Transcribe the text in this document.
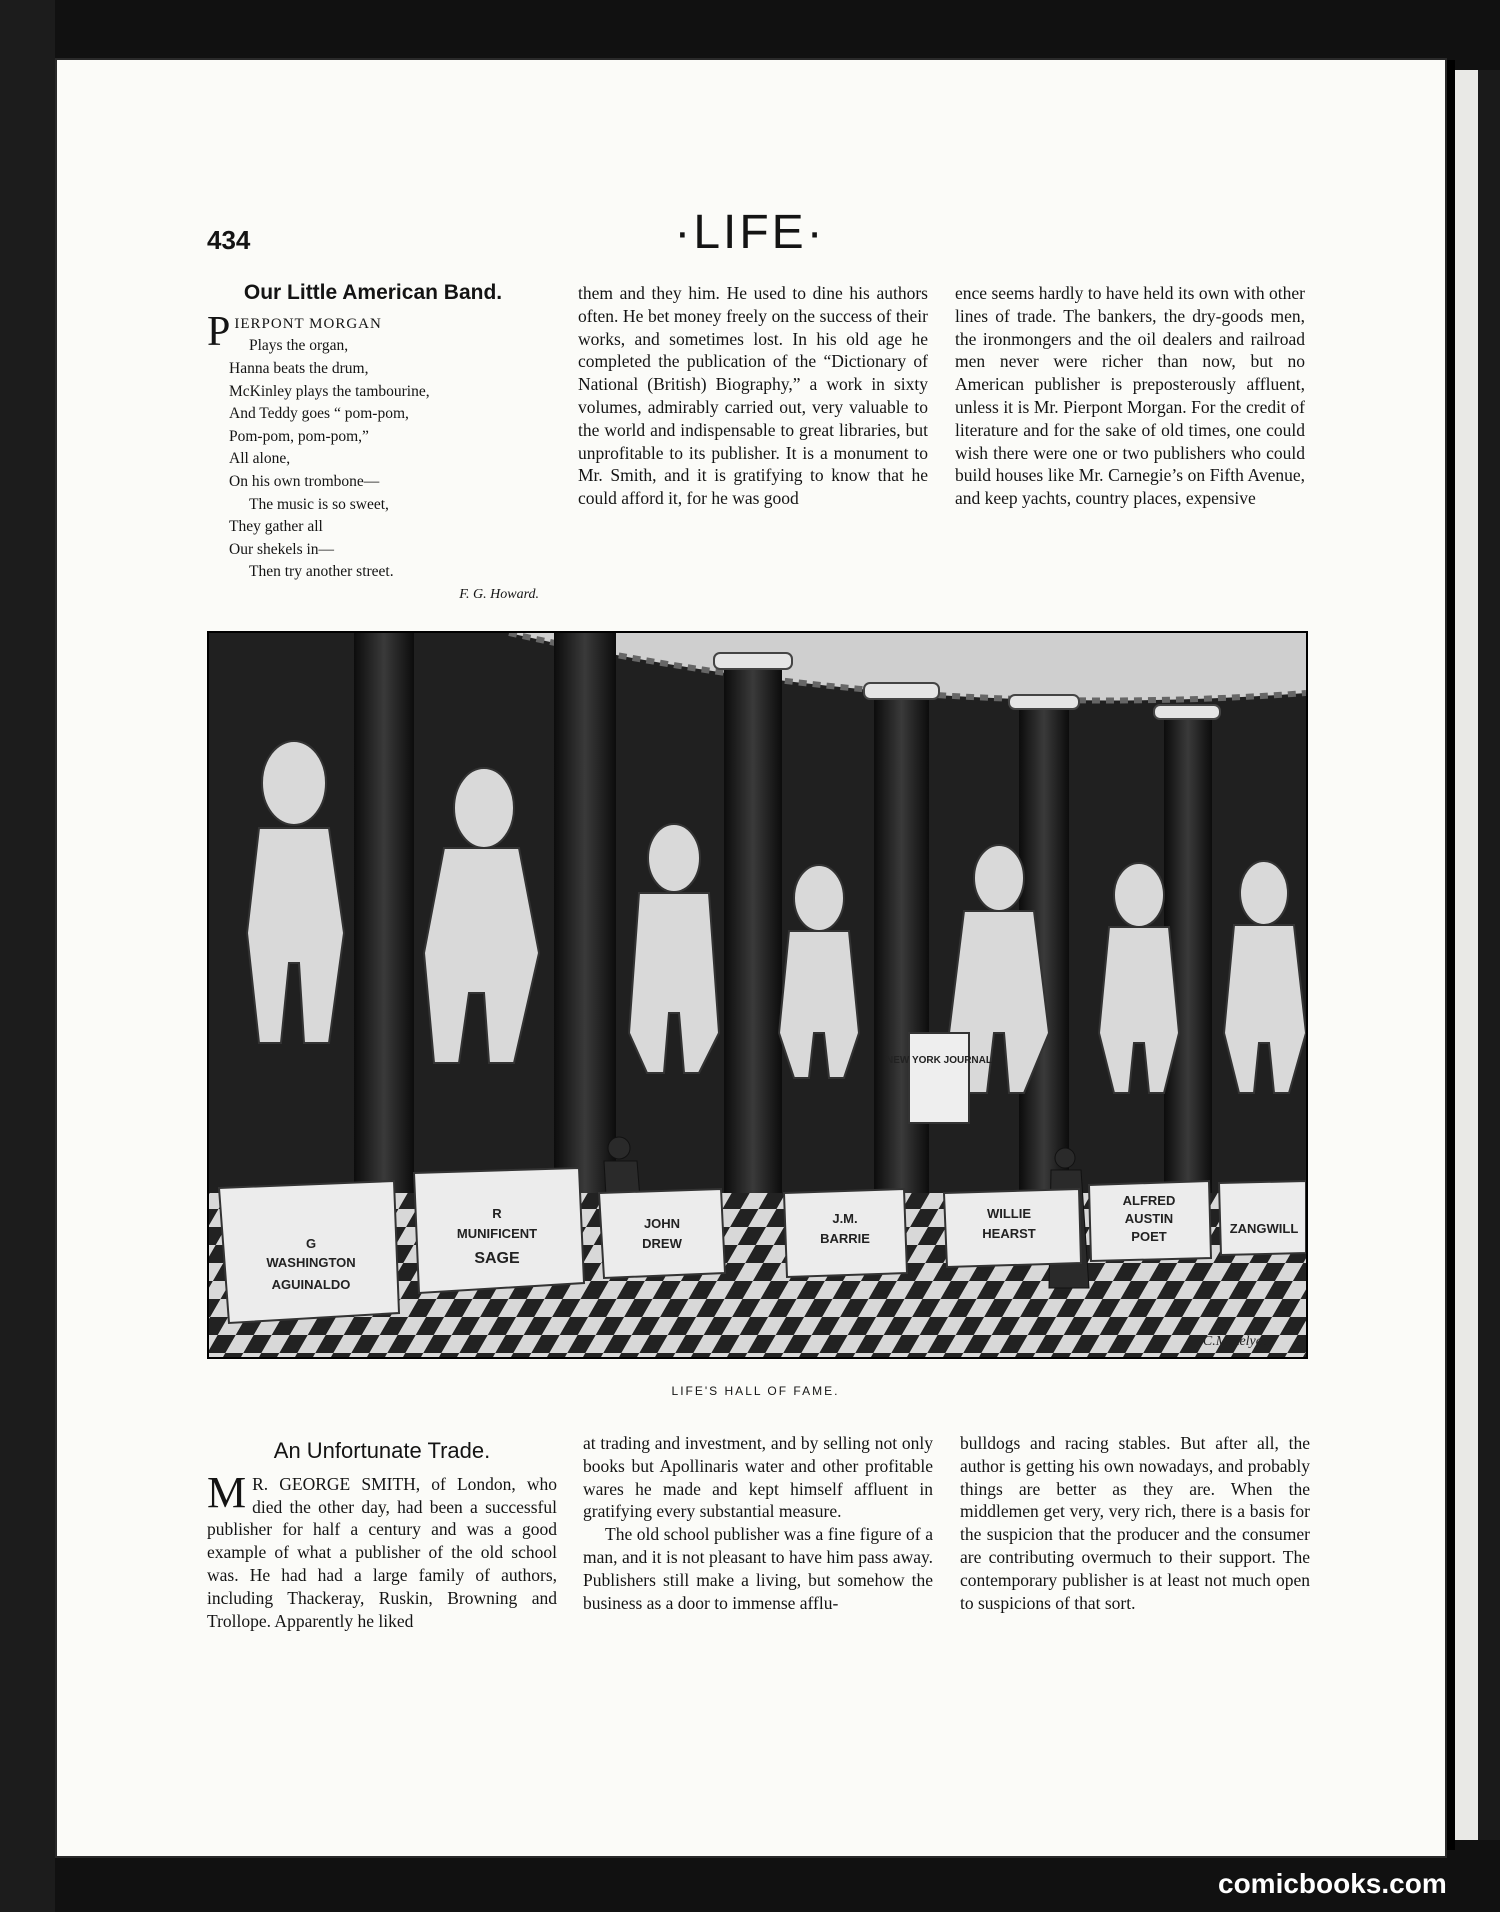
434	·LIFE·
Our Little American Band.
PIERPONT MORGAN
Plays the organ,
Hanna beats the drum,
McKinley plays the tambourine,
And Teddy goes “ pom-pom,
Pom-pom, pom-pom,”
All alone,
On his own trombone—
The music is so sweet,
They gather all
Our shekels in—
Then try another street.
F. G. Howard.

them and they him. He used to dine his authors often. He bet money freely on the success of their works, and sometimes lost. In his old age he completed the publication of the “Dictionary of National (British) Biography,” a work in sixty volumes, admirably carried out, very valuable to the world and indispensable to great libraries, but unprofitable to its publisher. It is a monument to Mr. Smith, and it is gratifying to know that he could afford it, for he was good

ence seems hardly to have held its own with other lines of trade. The bankers, the dry-goods men, the ironmongers and the oil dealers and railroad men never were richer than now, but no American publisher is preposterously affluent, unless it is Mr. Pierpont Morgan. For the credit of literature and for the sake of old times, one could wish there were one or two publishers who could build houses like Mr. Carnegie’s on Fifth Avenue, and keep yachts, country places, expensive

NEW YORK JOURNAL
G
WASHINGTON
AGUINALDO
R
MUNIFICENT
SAGE
JOHN
DREW
J.M.
BARRIE
WILLIE
HEARST
ALFRED
AUSTIN
POET
ZANGWILL
C.M.Relyea
LIFE'S HALL OF FAME.
An Unfortunate Trade.

M R. GEORGE SMITH, of London, who died the other day, had been a successful publisher for half a century and was a good example of what a publisher of the old school was. He had had a large family of authors, including Thackeray, Ruskin, Browning and Trollope. Apparently he liked

at trading and investment, and by selling not only books but Apollinaris water and other profitable wares he made and kept himself affluent in gratifying every substantial measure.

The old school publisher was a fine figure of a man, and it is not pleasant to have him pass away. Publishers still make a living, but somehow the business as a door to immense afflu-

bulldogs and racing stables. But after all, the author is getting his own nowadays, and probably things are better as they are. When the middlemen get very, very rich, there is a basis for the suspicion that the producer and the consumer are contributing overmuch to their support. The contemporary publisher is at least not much open to suspicions of that sort.

comicbooks.com
